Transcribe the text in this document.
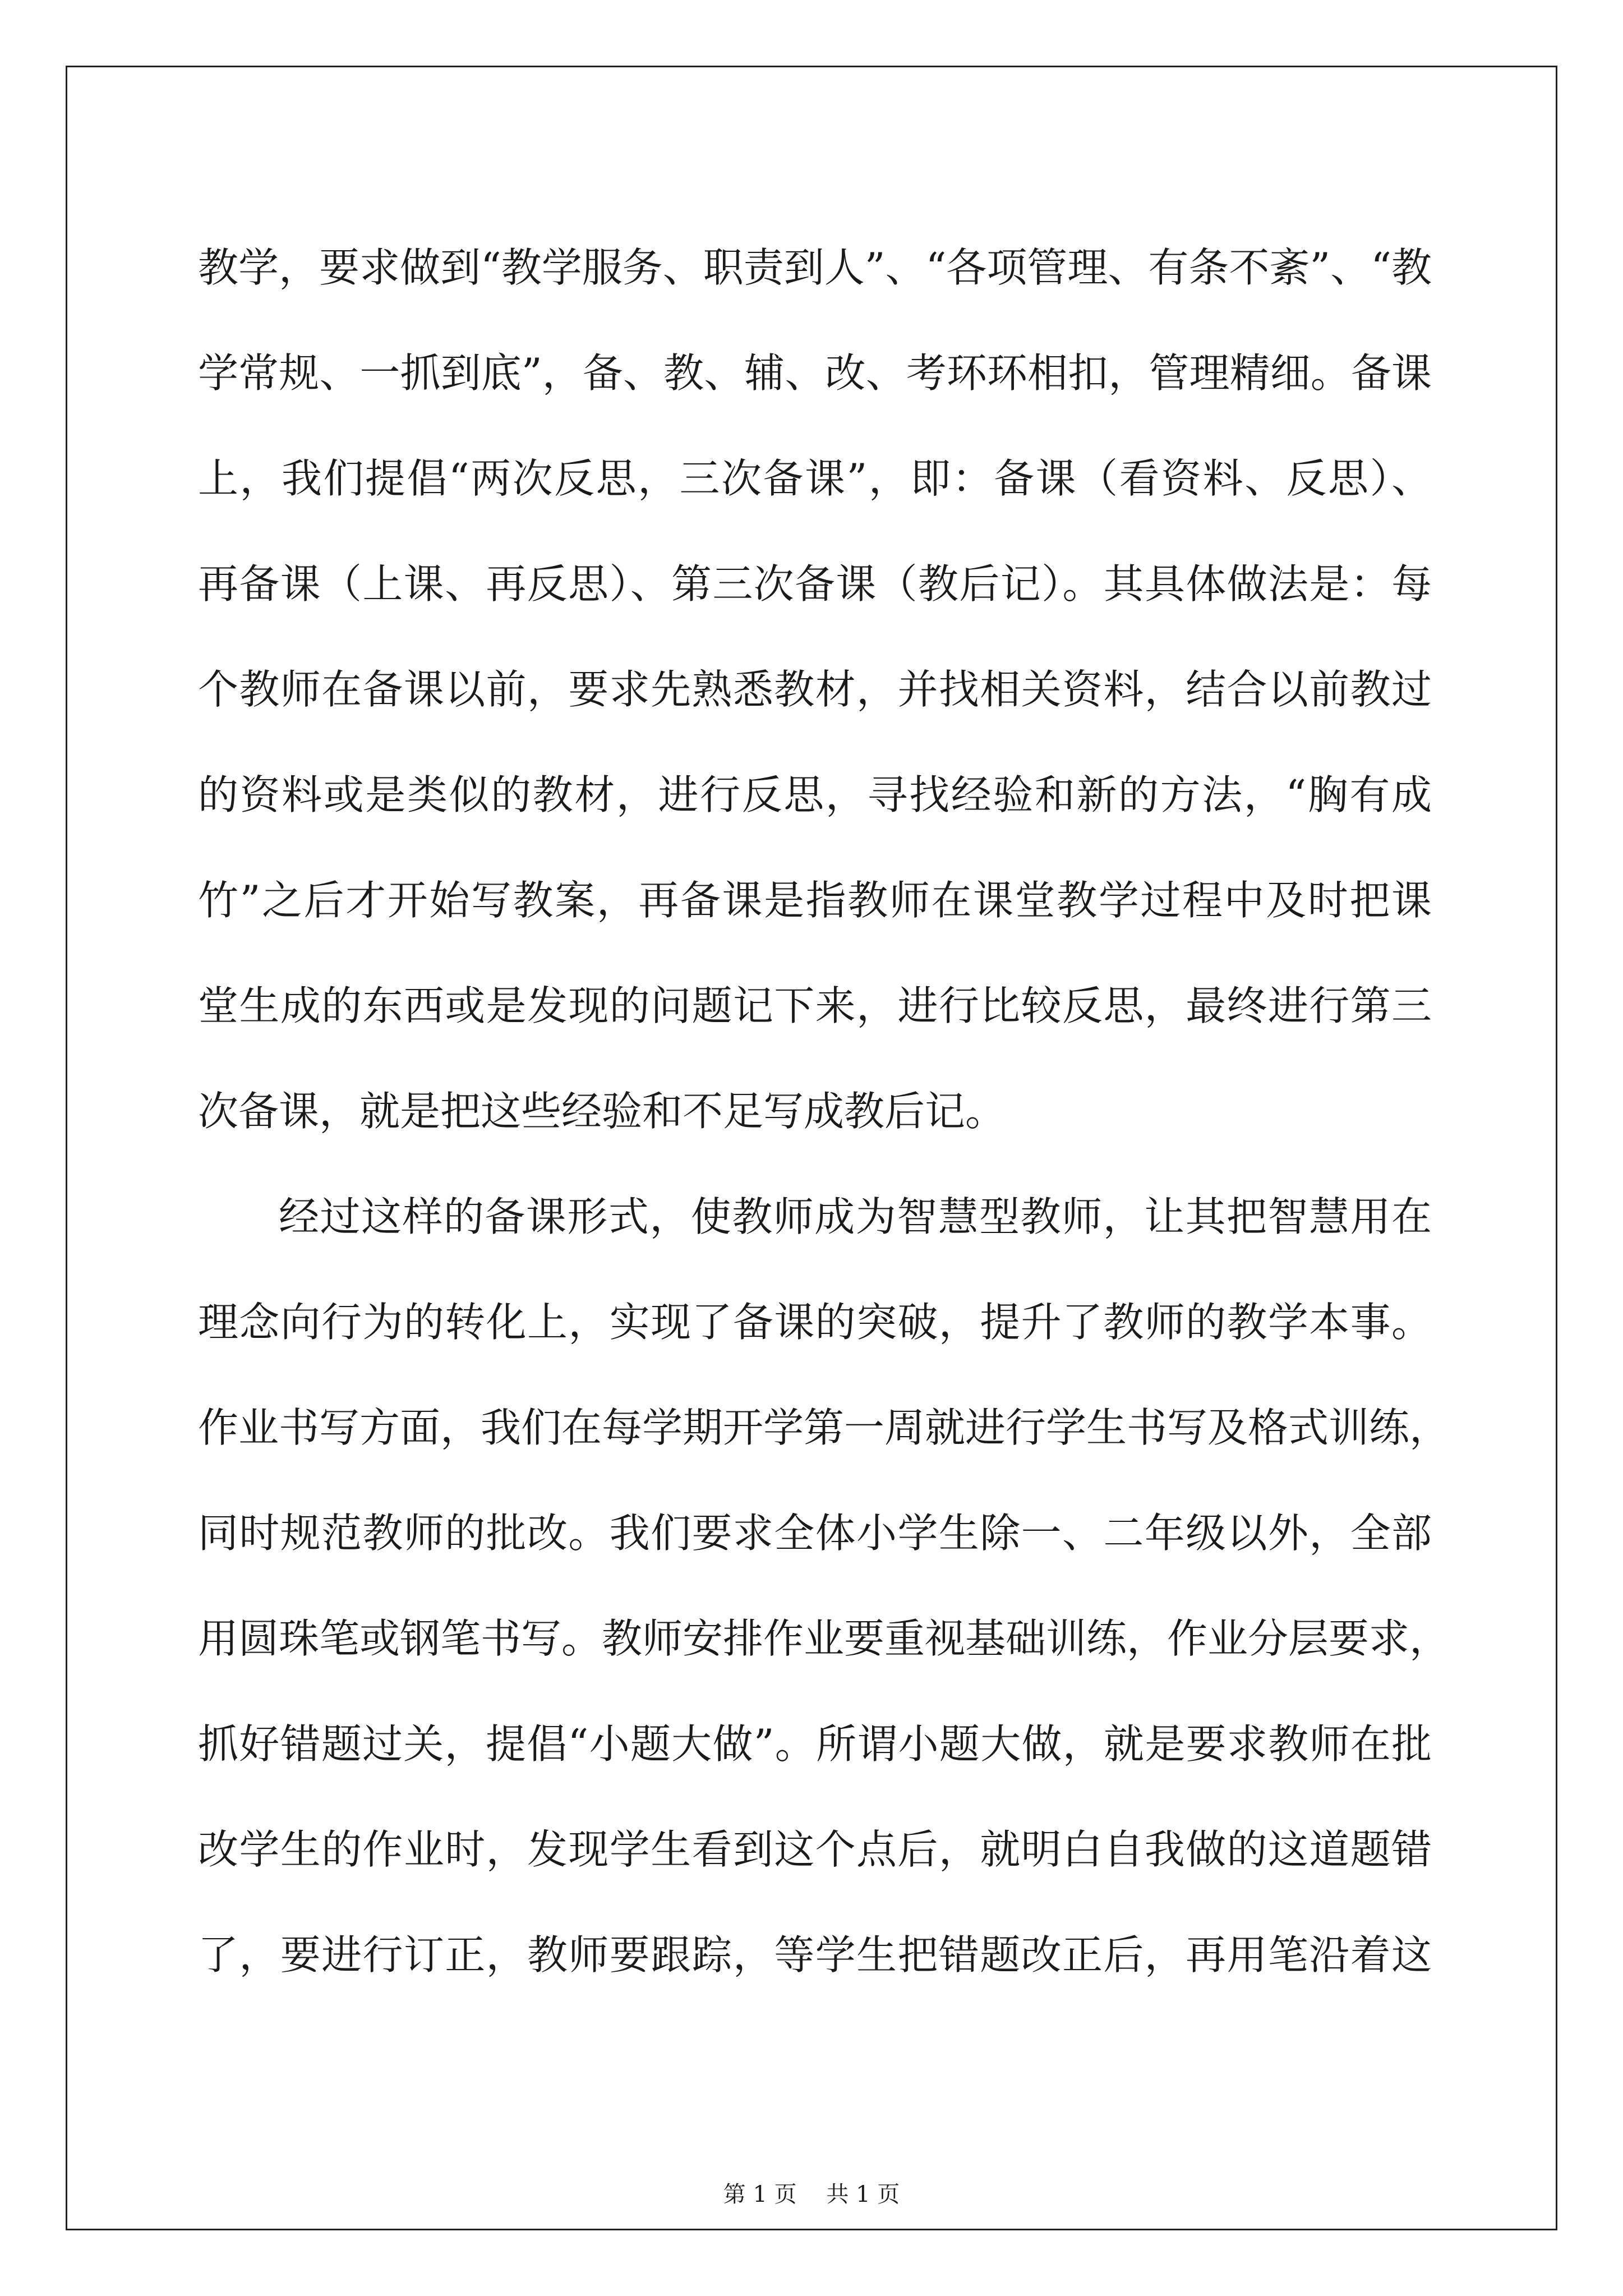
教学，要求做到“教学服务、职责到人”、“各项管理、有条不紊”、“教
学常规、一抓到底”，备、教、辅、改、考环环相扣，管理精细。备课
上，我们提倡“两次反思，三次备课”，即：备课（看资料、反思）、
再备课（上课、再反思）、第三次备课（教后记）。其具体做法是：每
个教师在备课以前，要求先熟悉教材，并找相关资料，结合以前教过
的资料或是类似的教材，进行反思，寻找经验和新的方法，“胸有成
竹”之后才开始写教案，再备课是指教师在课堂教学过程中及时把课
堂生成的东西或是发现的问题记下来，进行比较反思，最终进行第三
次备课，就是把这些经验和不足写成教后记。
经过这样的备课形式，使教师成为智慧型教师，让其把智慧用在
理念向行为的转化上，实现了备课的突破，提升了教师的教学本事。
作业书写方面，我们在每学期开学第一周就进行学生书写及格式训练，
同时规范教师的批改。我们要求全体小学生除一、二年级以外，全部
用圆珠笔或钢笔书写。教师安排作业要重视基础训练，作业分层要求，
抓好错题过关，提倡“小题大做”。所谓小题大做，就是要求教师在批
改学生的作业时，发现学生看到这个点后，就明白自我做的这道题错
了，要进行订正，教师要跟踪，等学生把错题改正后，再用笔沿着这
第 1 页 共 1 页
